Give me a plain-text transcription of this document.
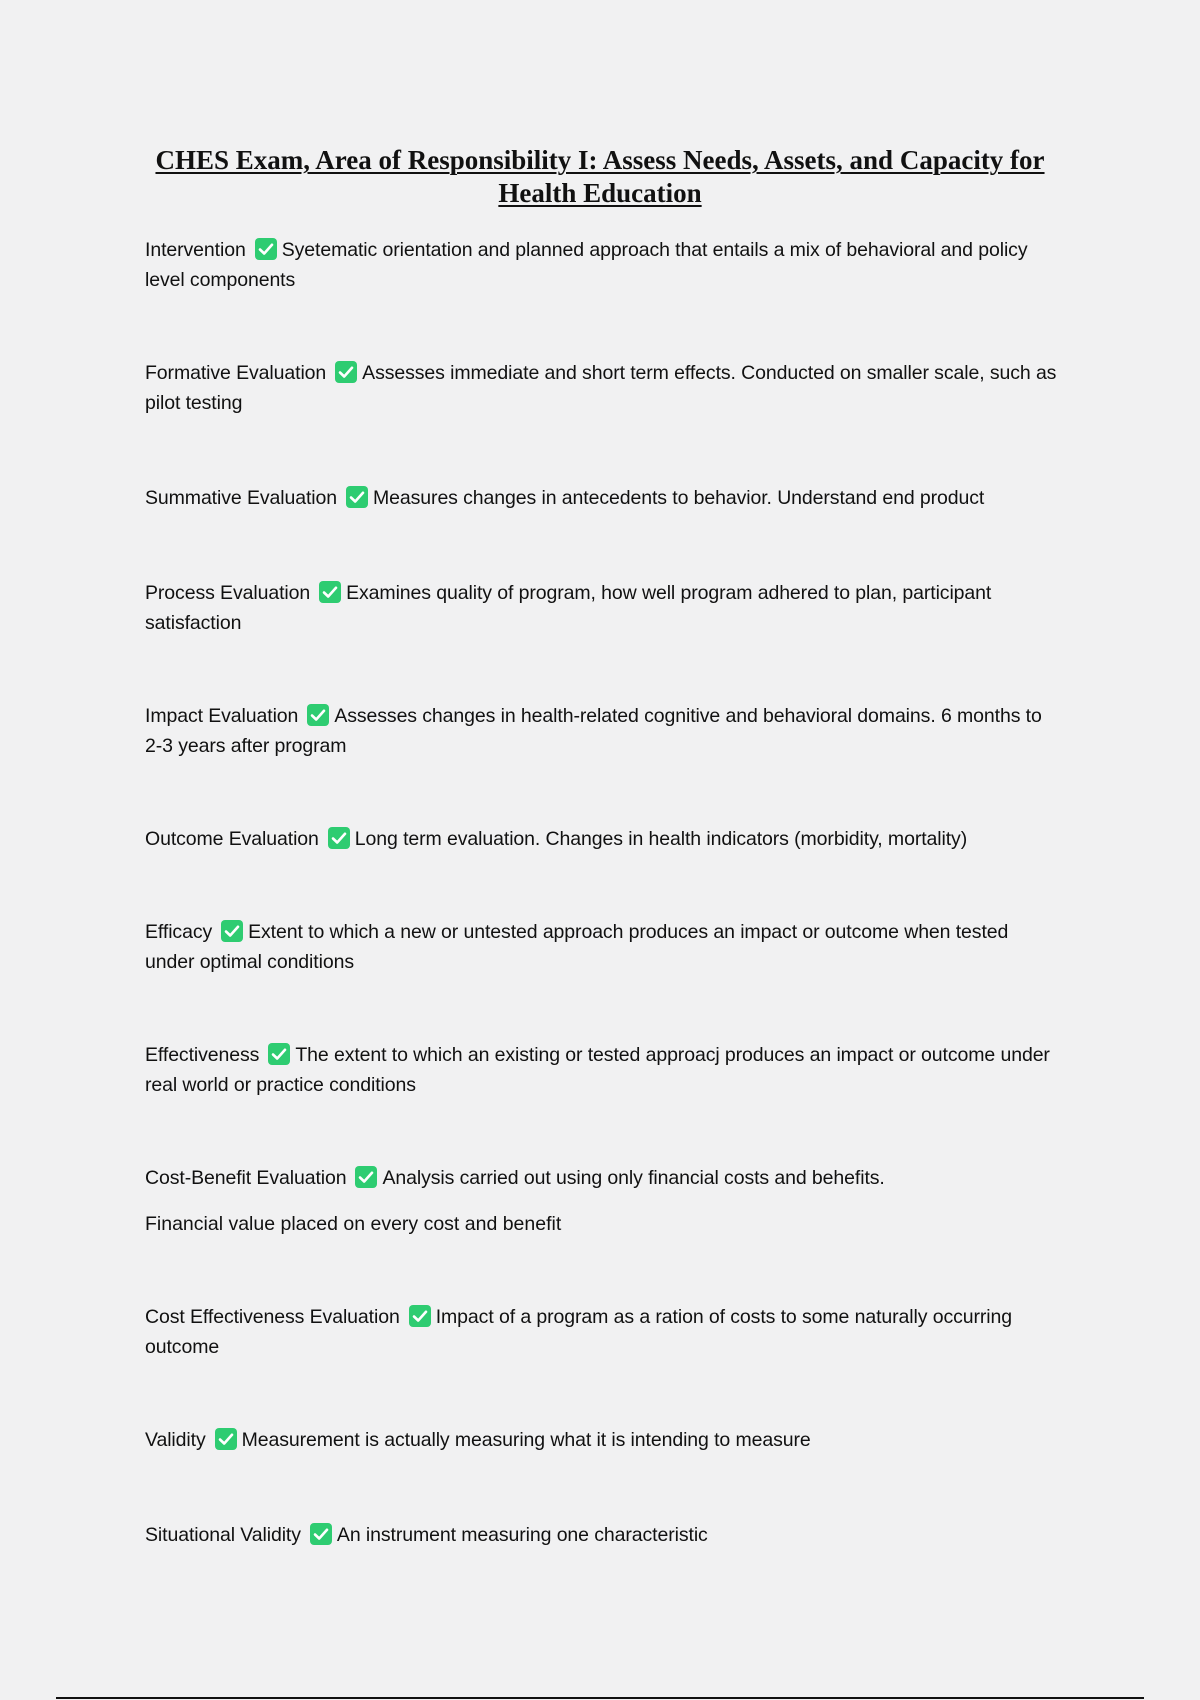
CHES Exam, Area of Responsibility I: Assess Needs, Assets, and Capacity for Health Education
Intervention Syetematic orientation and planned approach that entails a mix of behavioral and policy level components
Formative Evaluation Assesses immediate and short term effects. Conducted on smaller scale, such as pilot testing
Summative Evaluation Measures changes in antecedents to behavior. Understand end product
Process Evaluation Examines quality of program, how well program adhered to plan, participant satisfaction
Impact Evaluation Assesses changes in health-related cognitive and behavioral domains. 6 months to 2-3 years after program
Outcome Evaluation Long term evaluation. Changes in health indicators (morbidity, mortality)
Efficacy Extent to which a new or untested approach produces an impact or outcome when tested under optimal conditions
Effectiveness The extent to which an existing or tested approacj produces an impact or outcome under real world or practice conditions
Cost-Benefit Evaluation Analysis carried out using only financial costs and behefits.
Financial value placed on every cost and benefit
Cost Effectiveness Evaluation Impact of a program as a ration of costs to some naturally occurring outcome
Validity Measurement is actually measuring what it is intending to measure
Situational Validity An instrument measuring one characteristic
